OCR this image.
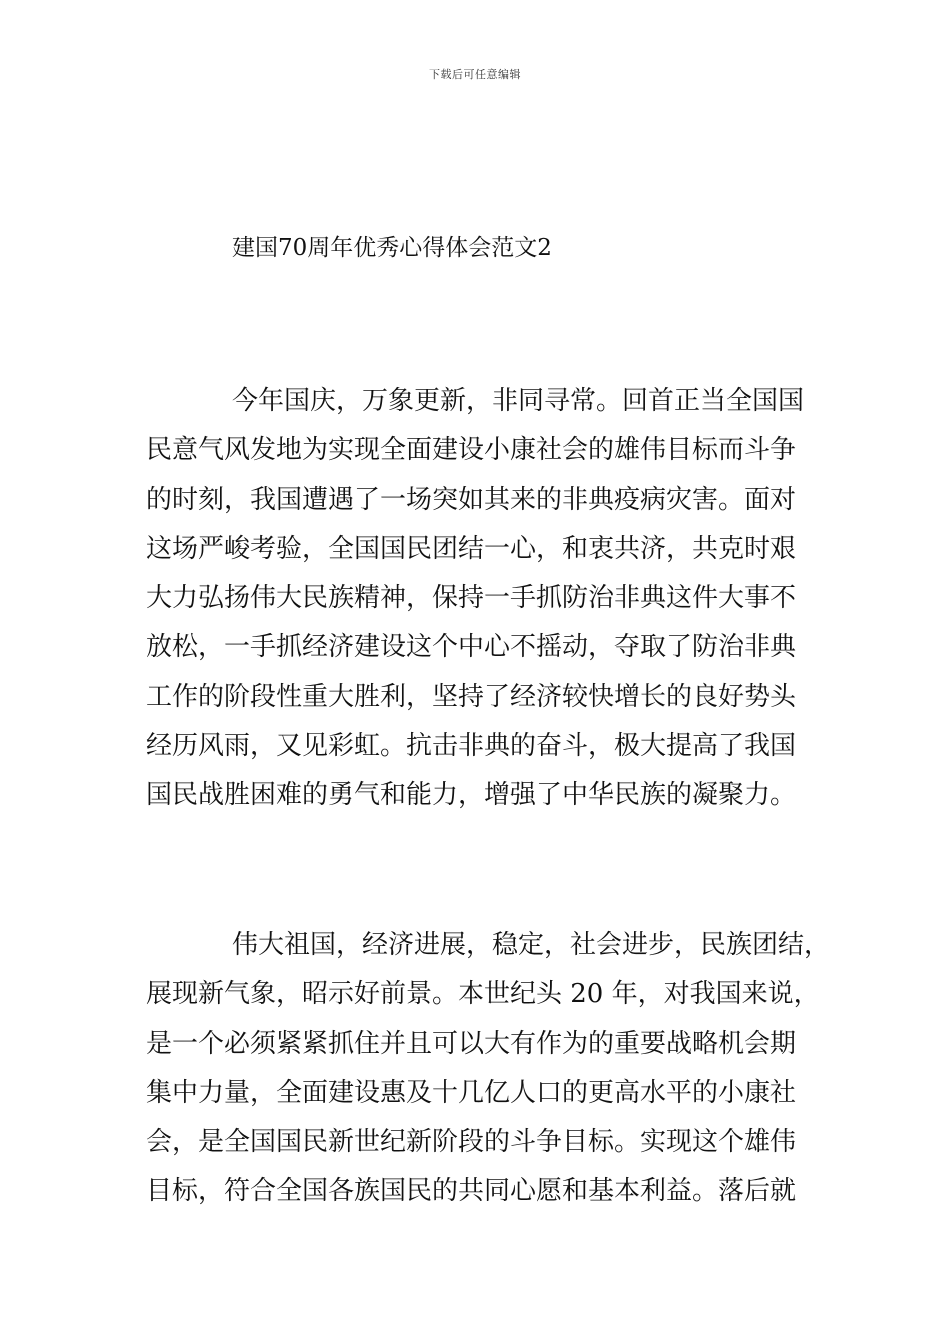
下载后可任意编辑
建国70周年优秀心得体会范文2
今年国庆，万象更新，非同寻常。回首正当全国国
民意气风发地为实现全面建设小康社会的雄伟目标而斗争
的时刻，我国遭遇了一场突如其来的非典疫病灾害。面对
这场严峻考验，全国国民团结一心，和衷共济，共克时艰
大力弘扬伟大民族精神，保持一手抓防治非典这件大事不
放松，一手抓经济建设这个中心不摇动，夺取了防治非典
工作的阶段性重大胜利，坚持了经济较快增长的良好势头
经历风雨，又见彩虹。抗击非典的奋斗，极大提高了我国
国民战胜困难的勇气和能力，增强了中华民族的凝聚力。
伟大祖国，经济进展，稳定，社会进步，民族团结，
展现新气象，昭示好前景。本世纪头 20 年，对我国来说，
是一个必须紧紧抓住并且可以大有作为的重要战略机会期
集中力量，全面建设惠及十几亿人口的更高水平的小康社
会，是全国国民新世纪新阶段的斗争目标。实现这个雄伟
目标，符合全国各族国民的共同心愿和基本利益。落后就
